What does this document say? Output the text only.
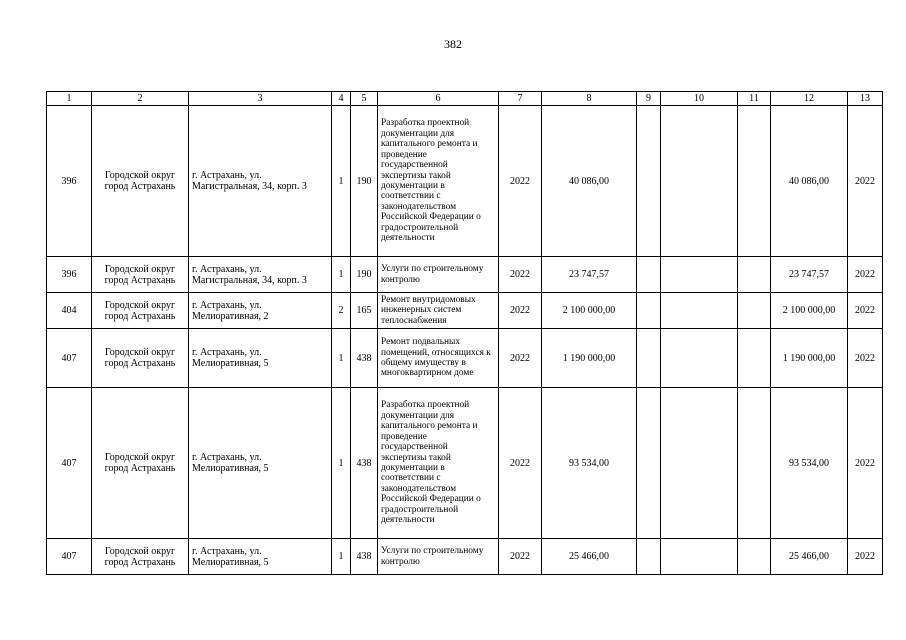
382
1	2	3	4	5	6	7	8	9	10	11	12	13
396	Городской округ город Астрахань	г. Астрахань, ул. Магистральная, 34, корп. 3	1	190	Разработка проектной документации для капитального ремонта и проведение государственной экспертизы такой документации в соответствии с законодательством Российской Федерации о градостроительной деятельности	2022	40 086,00				40 086,00	2022
396	Городской округ город Астрахань	г. Астрахань, ул. Магистральная, 34, корп. 3	1	190	Услуги по строительному контролю	2022	23 747,57				23 747,57	2022
404	Городской округ город Астрахань	г. Астрахань, ул. Мелиоративная, 2	2	165	Ремонт внутридомовых инженерных систем теплоснабжения	2022	2 100 000,00				2 100 000,00	2022
407	Городской округ город Астрахань	г. Астрахань, ул. Мелиоративная, 5	1	438	Ремонт подвальных помещений, относящихся к общему имуществу в многоквартирном доме	2022	1 190 000,00				1 190 000,00	2022
407	Городской округ город Астрахань	г. Астрахань, ул. Мелиоративная, 5	1	438	Разработка проектной документации для капитального ремонта и проведение государственной экспертизы такой документации в соответствии с законодательством Российской Федерации о градостроительной деятельности	2022	93 534,00				93 534,00	2022
407	Городской округ город Астрахань	г. Астрахань, ул. Мелиоративная, 5	1	438	Услуги по строительному контролю	2022	25 466,00				25 466,00	2022
